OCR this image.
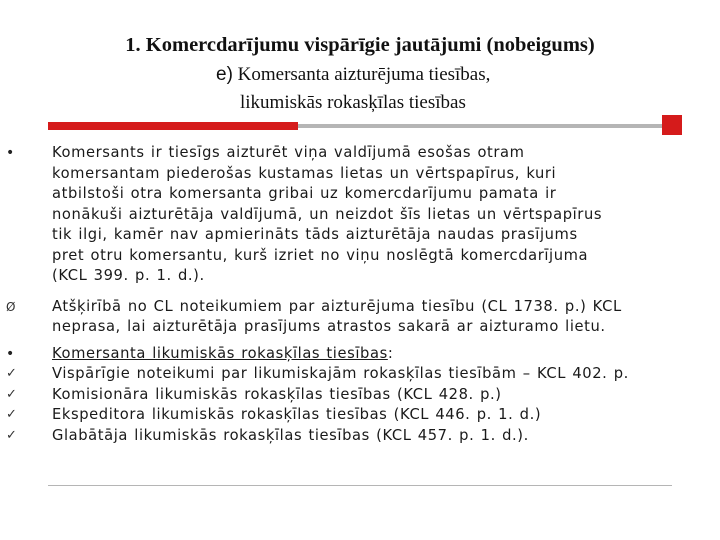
1. Komercdarījumu vispārīgie jautājumi (nobeigums)
e) Komersanta aizturējuma tiesības,
likumiskās rokasķīlas tiesības
•	Komersants ir tiesīgs aizturēt viņa valdījumā esošas otram
komersantam piederošas kustamas lietas un vērtspapīrus, kuri
atbilstoši otra komersanta gribai uz komercdarījumu pamata ir
nonākuši aizturētāja valdījumā, un neizdot šīs lietas un vērtspapīrus
tik ilgi, kamēr nav apmierināts tāds aizturētāja naudas prasījums
pret otru komersantu, kurš izriet no viņu noslēgtā komercdarījuma
(KCL 399. p. 1. d.).
Ø Atšķirībā no CL noteikumiem par aizturējuma tiesību (CL 1738. p.) KCL
neprasa, lai aizturētāja prasījums atrastos sakarā ar aizturamo lietu.
•	Komersanta likumiskās rokasķīlas tiesības:
✓ Vispārīgie noteikumi par likumiskajām rokasķīlas tiesībām – KCL 402. p.
✓ Komisionāra likumiskās rokasķīlas tiesības (KCL 428. p.)
✓ Ekspeditora likumiskās rokasķīlas tiesības (KCL 446. p. 1. d.)
✓ Glabātāja likumiskās rokasķīlas tiesības (KCL 457. p. 1. d.).
